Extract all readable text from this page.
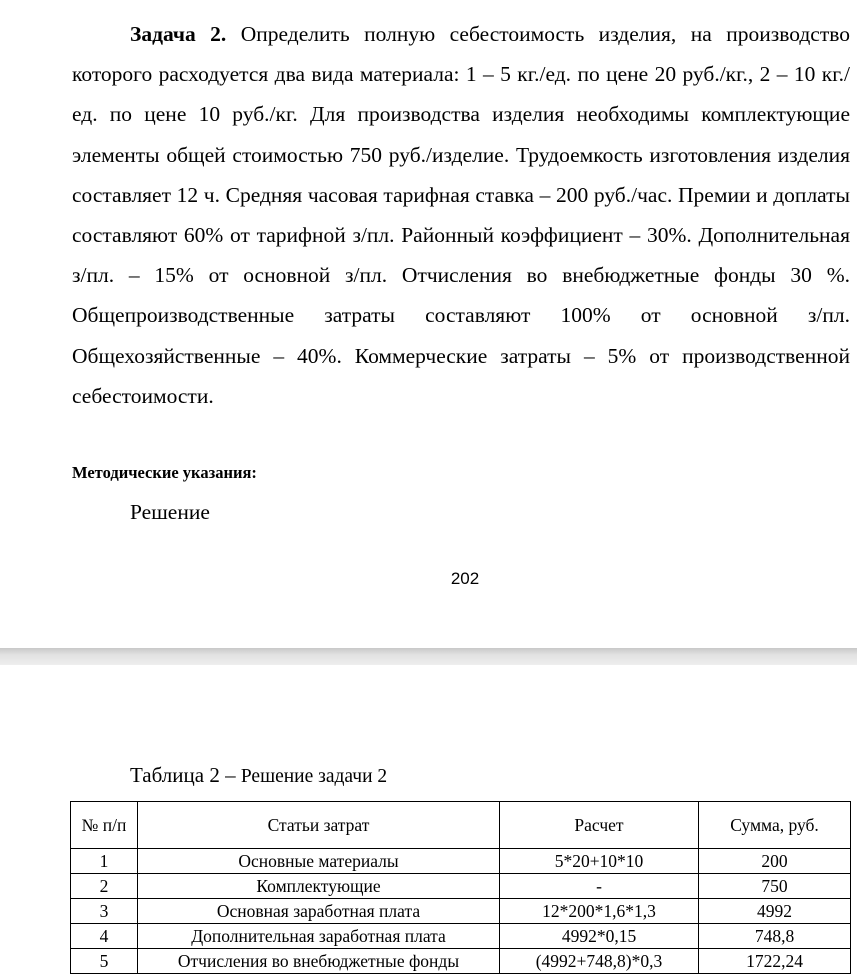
Задача 2. Определить полную себестоимость изделия, на производство которого расходуется два вида материала: 1 – 5 кг./ед. по цене 20 руб./кг., 2 – 10 кг./ед. по цене 10 руб./кг. Для производства изделия необходимы комплектующие элементы общей стоимостью 750 руб./изделие. Трудоемкость изготовления изделия составляет 12 ч. Средняя часовая тарифная ставка – 200 руб./час. Премии и доплаты составляют 60% от тарифной з/пл. Районный коэффициент – 30%. Дополнительная з/пл. – 15% от основной з/пл. Отчисления во внебюджетные фонды 30 %. Общепроизводственные затраты составляют 100% от основной з/пл. Общехозяйственные – 40%. Коммерческие затраты – 5% от производственной себестоимости.

Методические указания:
Решение
202
Таблица 2 – Решение задачи 2
№ п/п	Статьи затрат	Расчет	Сумма, руб.
1	Основные материалы	5*20+10*10	200
2	Комплектующие	-	750
3	Основная заработная плата	12*200*1,6*1,3	4992
4	Дополнительная заработная плата	4992*0,15	748,8
5	Отчисления во внебюджетные фонды	(4992+748,8)*0,3	1722,24
